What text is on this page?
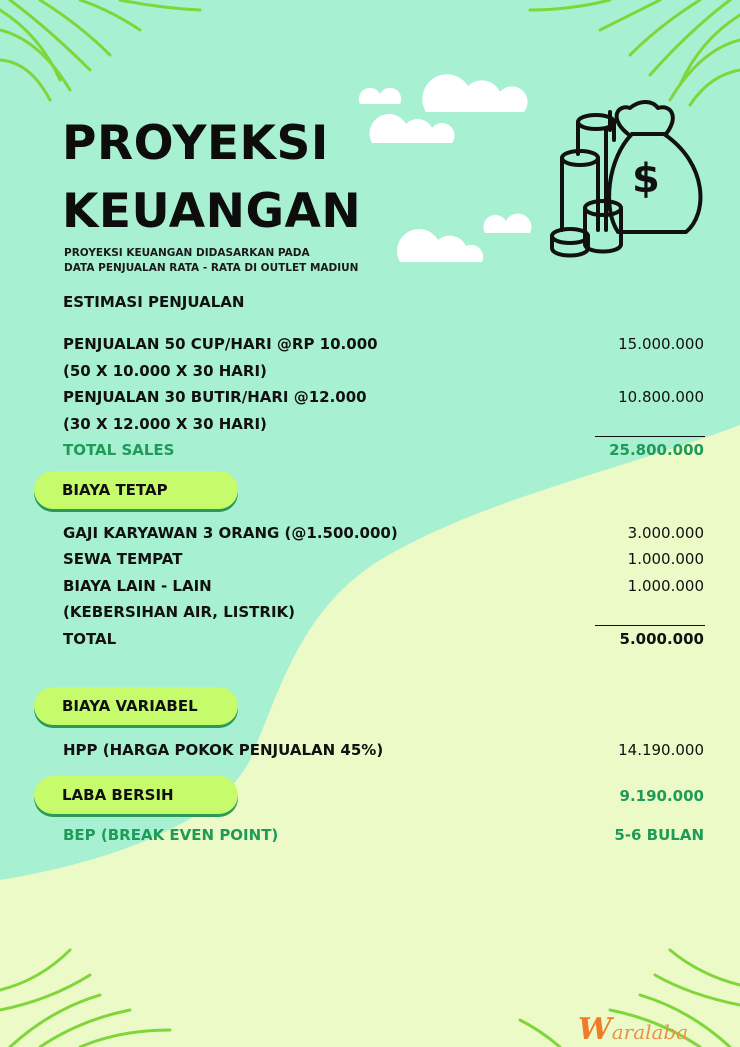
PROYEKSI
KEUANGAN
PROYEKSI KEUANGAN DIDASARKAN PADA
DATA PENJUALAN RATA - RATA DI OUTLET MADIUN
$
ESTIMASI PENJUALAN
PENJUALAN 50 CUP/HARI @RP 10.000	15.000.000
(50 X 10.000 X 30 HARI)
PENJUALAN 30 BUTIR/HARI @12.000	10.800.000
(30 X 12.000 X 30 HARI)
TOTAL SALES	25.800.000
BIAYA TETAP
GAJI KARYAWAN 3 ORANG (@1.500.000)	3.000.000
SEWA TEMPAT	1.000.000
BIAYA LAIN - LAIN	1.000.000
(KEBERSIHAN AIR, LISTRIK)
TOTAL	5.000.000
BIAYA VARIABEL
HPP (HARGA POKOK PENJUALAN 45%)	14.190.000
LABA BERSIH	9.190.000
BEP (BREAK EVEN POINT)	5-6 BULAN
Waralaba
